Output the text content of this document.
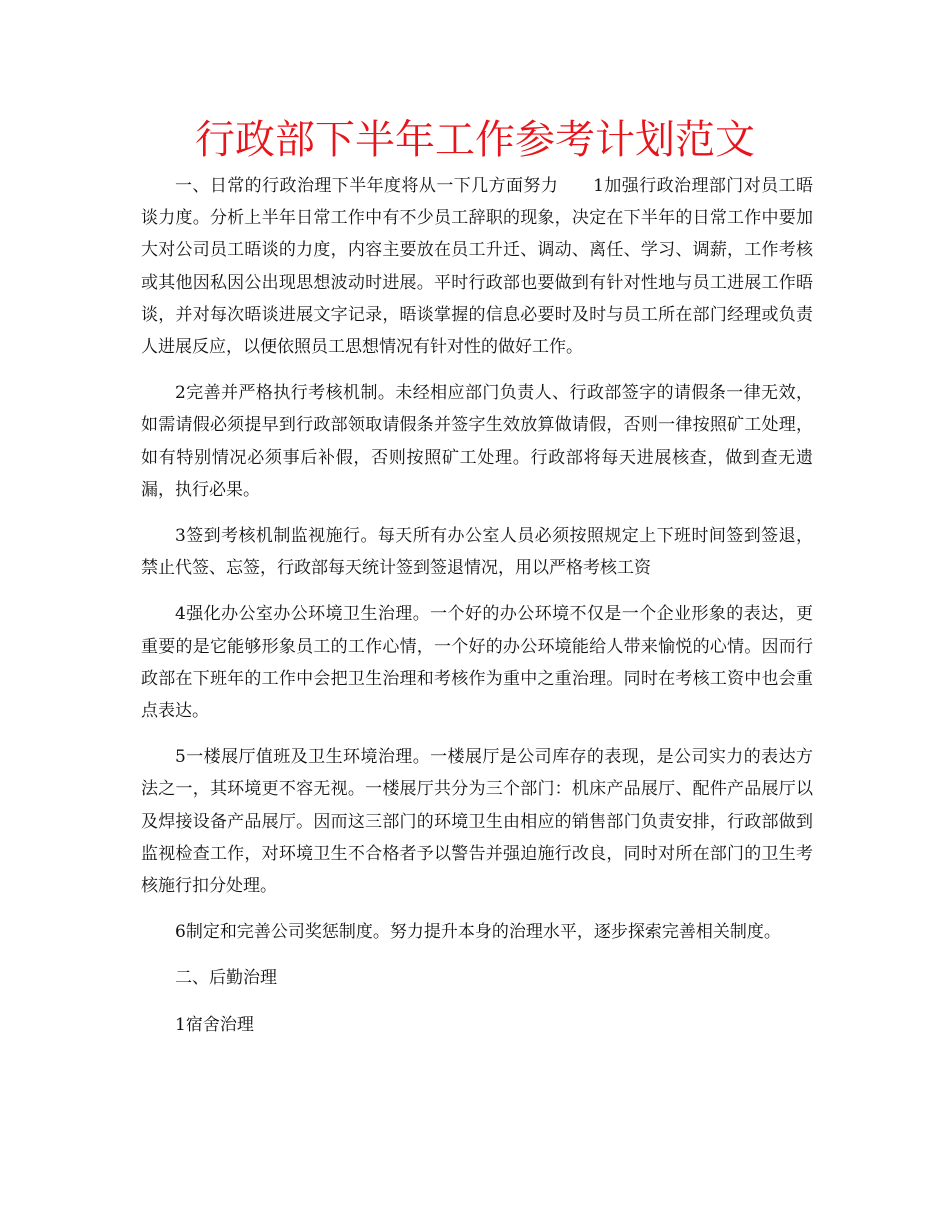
行政部下半年工作参考计划范文

一、日常的行政治理下半年度将从一下几方面努力　　1加强行政治理部门对员工晤谈力度。分析上半年日常工作中有不少员工辞职的现象，决定在下半年的日常工作中要加大对公司员工晤谈的力度，内容主要放在员工升迁、调动、离任、学习、调薪，工作考核或其他因私因公出现思想波动时进展。平时行政部也要做到有针对性地与员工进展工作晤谈，并对每次晤谈进展文字记录，晤谈掌握的信息必要时及时与员工所在部门经理或负责人进展反应，以便依照员工思想情况有针对性的做好工作。

2完善并严格执行考核机制。未经相应部门负责人、行政部签字的请假条一律无效，如需请假必须提早到行政部领取请假条并签字生效放算做请假，否则一律按照矿工处理，如有特别情况必须事后补假，否则按照矿工处理。行政部将每天进展核查，做到查无遗漏，执行必果。

3签到考核机制监视施行。每天所有办公室人员必须按照规定上下班时间签到签退，禁止代签、忘签，行政部每天统计签到签退情况，用以严格考核工资

4强化办公室办公环境卫生治理。一个好的办公环境不仅是一个企业形象的表达，更重要的是它能够形象员工的工作心情，一个好的办公环境能给人带来愉悦的心情。因而行政部在下班年的工作中会把卫生治理和考核作为重中之重治理。同时在考核工资中也会重点表达。

5一楼展厅值班及卫生环境治理。一楼展厅是公司库存的表现，是公司实力的表达方法之一，其环境更不容无视。一楼展厅共分为三个部门：机床产品展厅、配件产品展厅以及焊接设备产品展厅。因而这三部门的环境卫生由相应的销售部门负责安排，行政部做到监视检查工作，对环境卫生不合格者予以警告并强迫施行改良，同时对所在部门的卫生考核施行扣分处理。

6制定和完善公司奖惩制度。努力提升本身的治理水平，逐步探索完善相关制度。

二、后勤治理

1宿舍治理
